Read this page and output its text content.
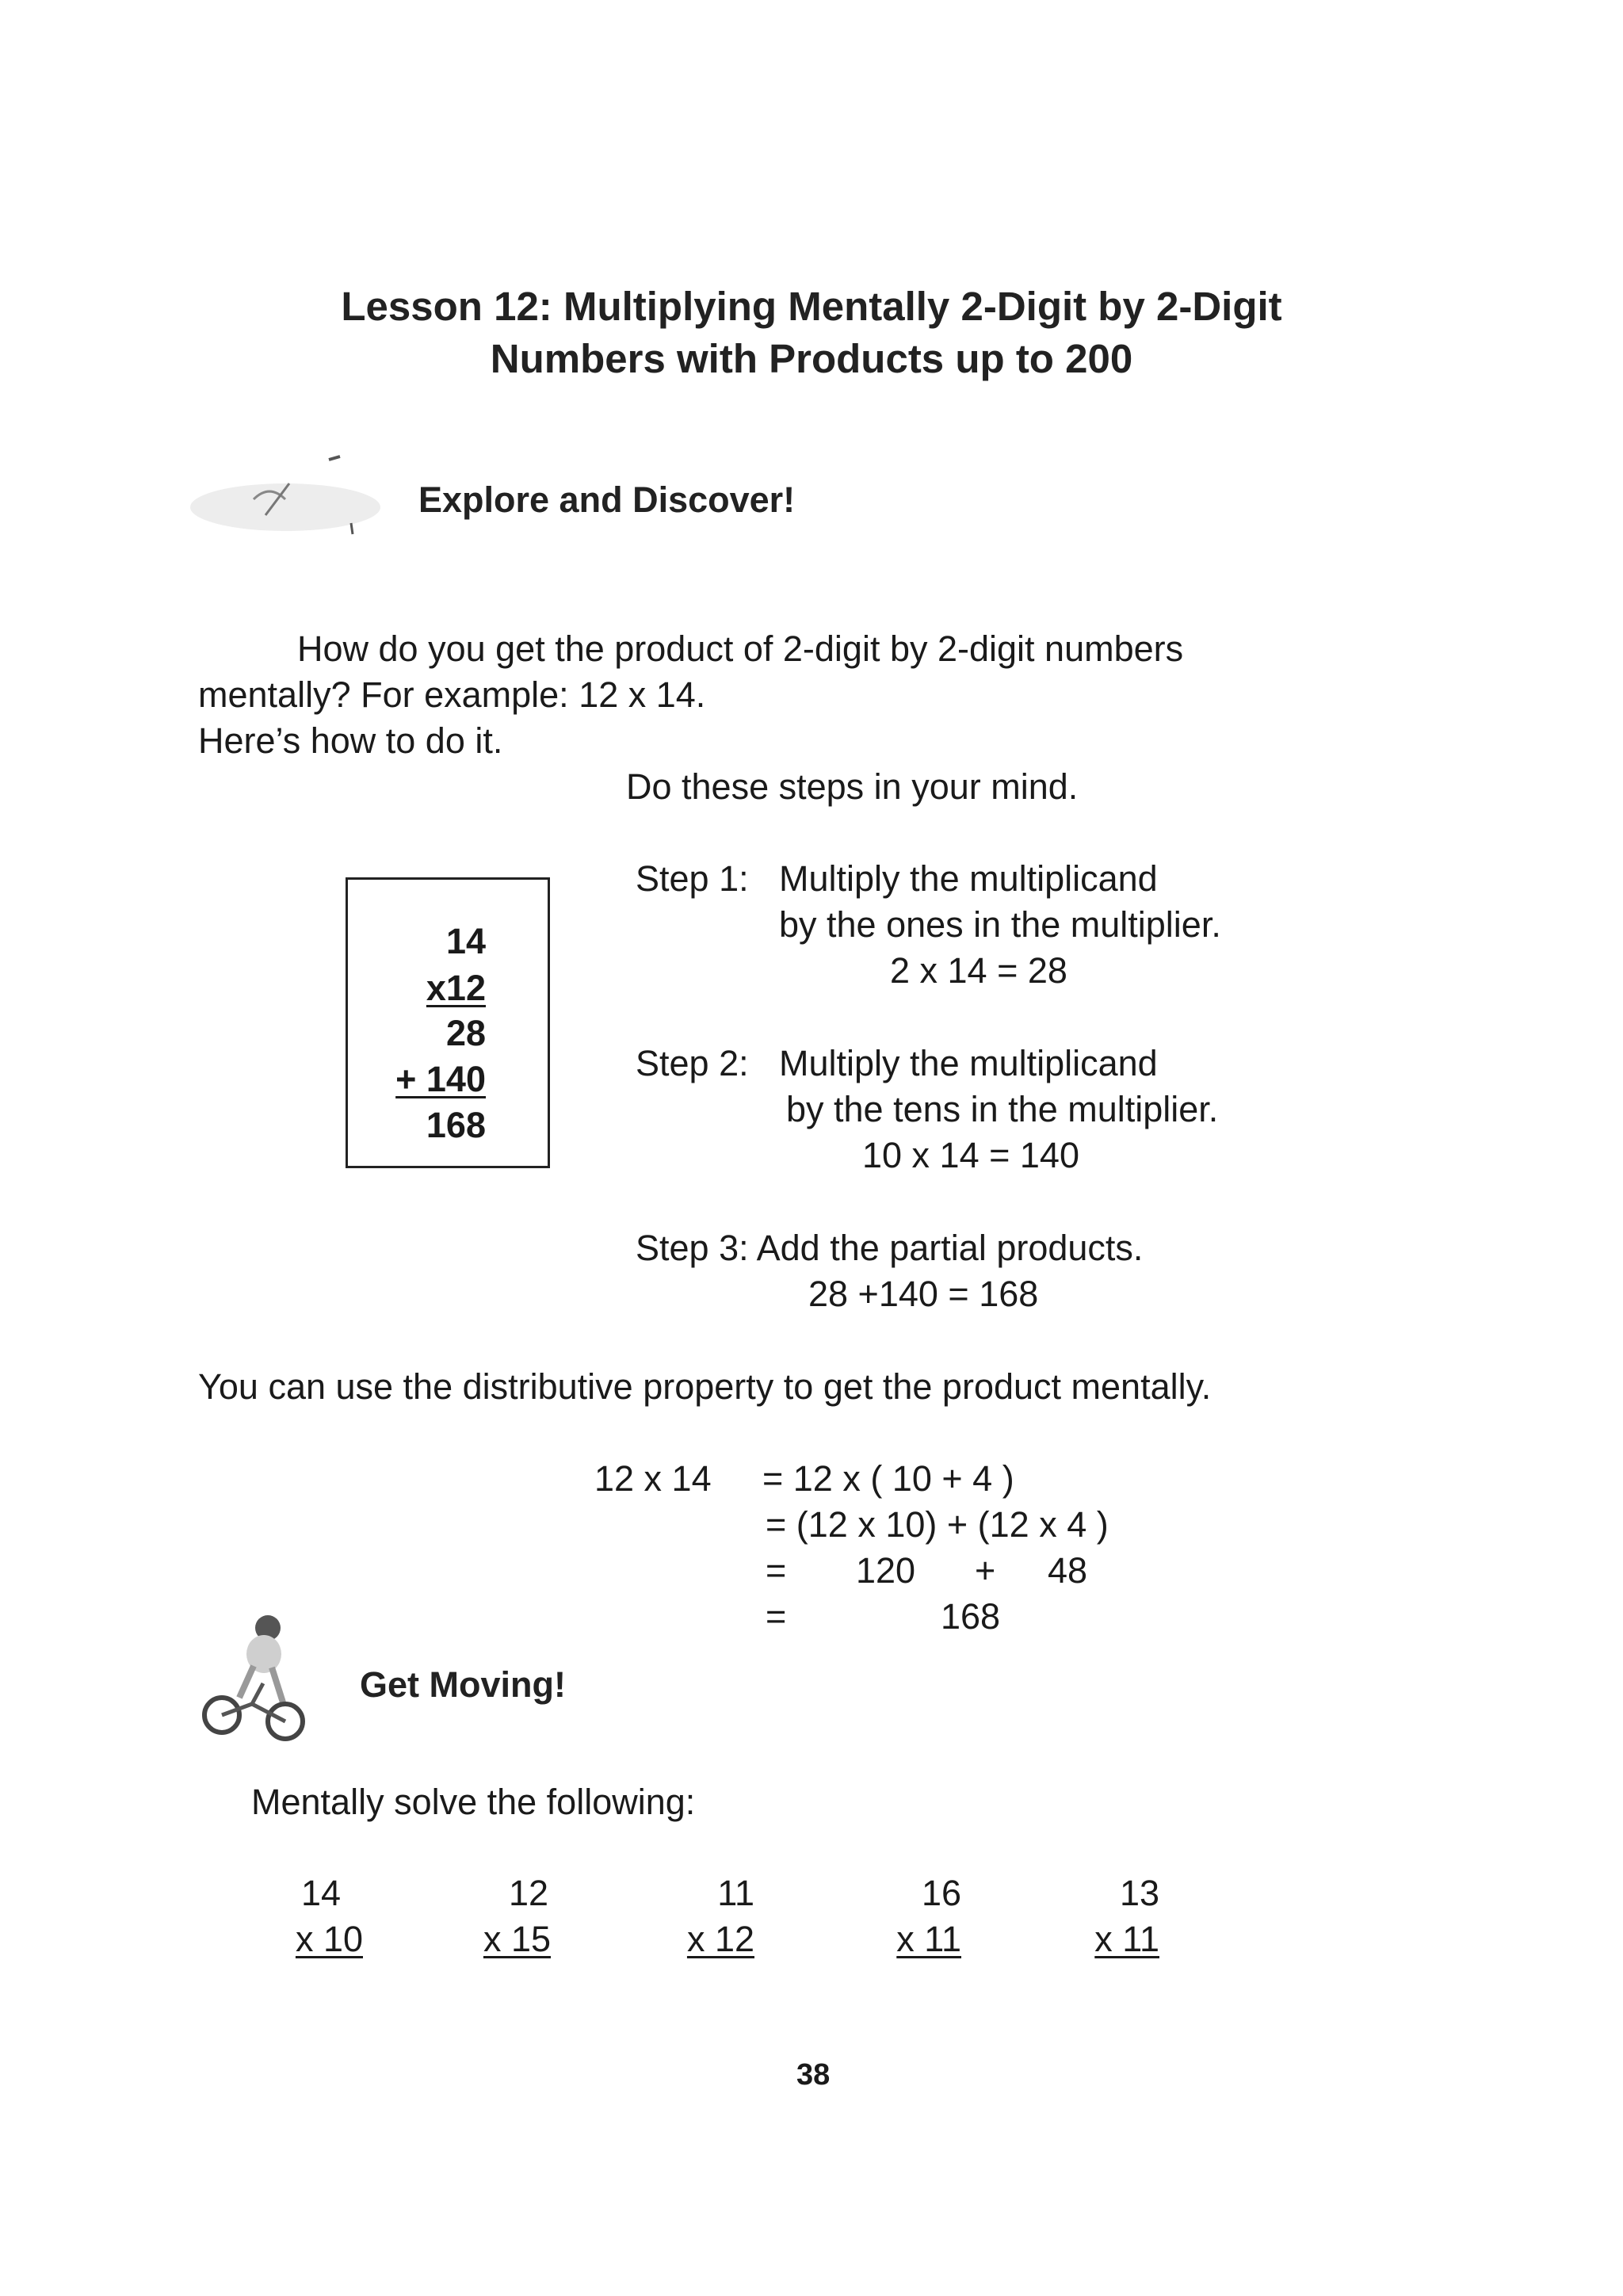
Lesson 12: Multiplying Mentally 2-Digit by 2-Digit
Numbers with Products up to 200
Explore and Discover!
How do you get the product of 2-digit by 2-digit numbers
mentally? For example: 12 x 14.
Here’s how to do it.
Do these steps in your mind.
14
x12
28
+ 140
168
Step 1: Multiply the multiplicand
by the ones in the multiplier.
2 x 14 = 28
Step 2: Multiply the multiplicand
by the tens in the multiplier.
10 x 14 = 140
Step 3: Add the partial products.
28 +140 = 168
You can use the distributive property to get the product mentally.
12 x 14 = 12 x ( 10 + 4 )
= (12 x 10) + (12 x 4 )
= 120 + 48
=	168
Get Moving!
Mentally solve the following:
14
x 10
12
x 15
11
x 12
16
x 11
13
x 11
38
